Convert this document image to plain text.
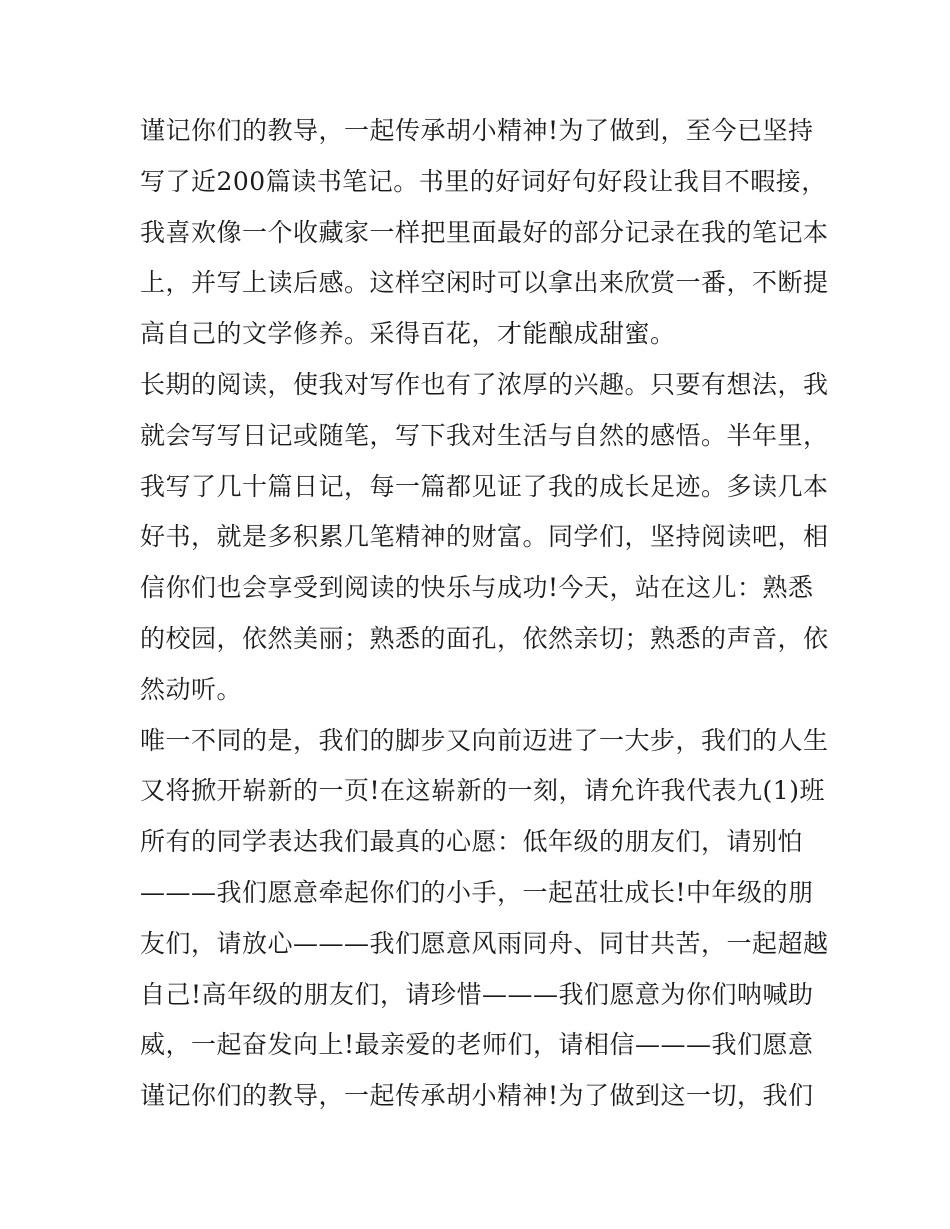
谨记你们的教导，一起传承胡小精神!为了做到，至今已坚持
写了近200篇读书笔记。书里的好词好句好段让我目不暇接，
我喜欢像一个收藏家一样把里面最好的部分记录在我的笔记本
上，并写上读后感。这样空闲时可以拿出来欣赏一番，不断提
高自己的文学修养。采得百花，才能酿成甜蜜。
长期的阅读，使我对写作也有了浓厚的兴趣。只要有想法，我
就会写写日记或随笔，写下我对生活与自然的感悟。半年里，
我写了几十篇日记，每一篇都见证了我的成长足迹。多读几本
好书，就是多积累几笔精神的财富。同学们，坚持阅读吧，相
信你们也会享受到阅读的快乐与成功!今天，站在这儿：熟悉
的校园，依然美丽；熟悉的面孔，依然亲切；熟悉的声音，依
然动听。
唯一不同的是，我们的脚步又向前迈进了一大步，我们的人生
又将掀开崭新的一页!在这崭新的一刻，请允许我代表九(1)班
所有的同学表达我们最真的心愿：低年级的朋友们，请别怕
———我们愿意牵起你们的小手，一起茁壮成长!中年级的朋
友们，请放心———我们愿意风雨同舟、同甘共苦，一起超越
自己!高年级的朋友们，请珍惜———我们愿意为你们呐喊助
威，一起奋发向上!最亲爱的老师们，请相信———我们愿意
谨记你们的教导，一起传承胡小精神!为了做到这一切，我们
